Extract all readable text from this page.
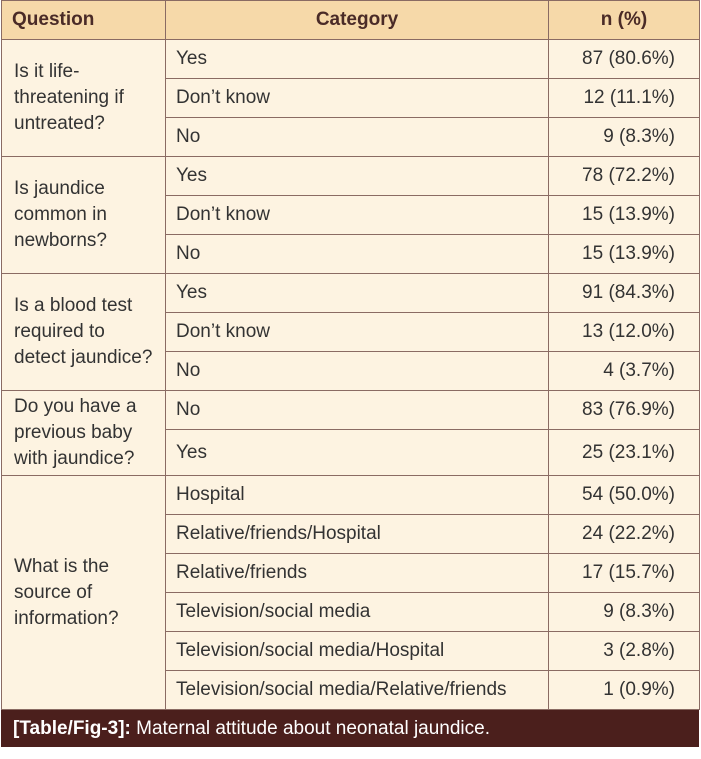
Question	Category	n (%)
Is it life-threatening if untreated?	Yes	87 (80.6%)
	Don’t know	12 (11.1%)
	No	9 (8.3%)
Is jaundice common in newborns?	Yes	78 (72.2%)
	Don’t know	15 (13.9%)
	No	15 (13.9%)
Is a blood test required to detect jaundice?	Yes	91 (84.3%)
	Don’t know	13 (12.0%)
	No	4 (3.7%)
Do you have a previous baby with jaundice?	No	83 (76.9%)
	Yes	25 (23.1%)
What is the source of information?	Hospital	54 (50.0%)
	Relative/friends/Hospital	24 (22.2%)
	Relative/friends	17 (15.7%)
	Television/social media	9 (8.3%)
	Television/social media/Hospital	3 (2.8%)
	Television/social media/Relative/friends	1 (0.9%)
[Table/Fig-3]: Maternal attitude about neonatal jaundice.
